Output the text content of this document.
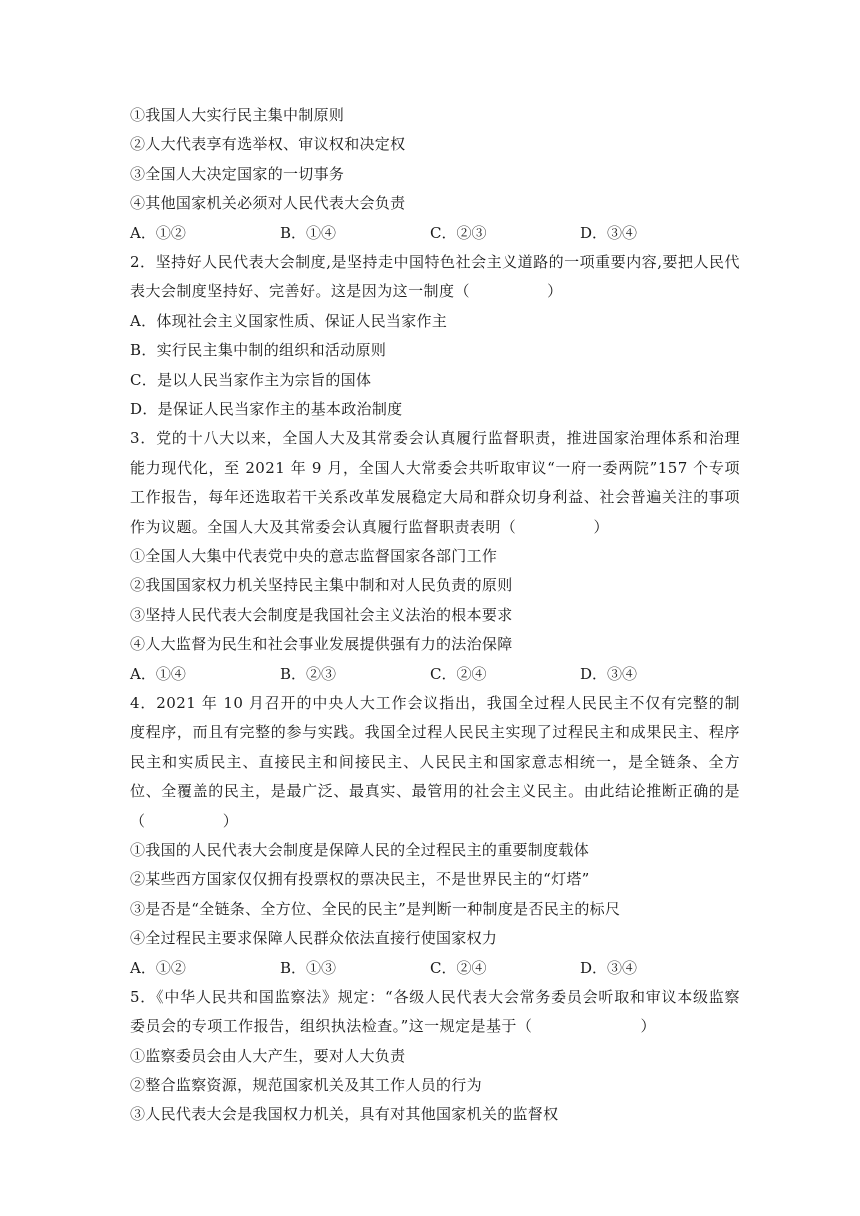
①我国人大实行民主集中制原则
②人大代表享有选举权、审议权和决定权
③全国人大决定国家的一切事务
④其他国家机关必须对人民代表大会负责
A．①②	B．①④	C．②③	D．③④
2．坚持好人民代表大会制度,是坚持走中国特色社会主义道路的一项重要内容,要把人民代表大会制度坚持好、完善好。这是因为这一制度（　　　　　）
A．体现社会主义国家性质、保证人民当家作主
B．实行民主集中制的组织和活动原则
C．是以人民当家作主为宗旨的国体
D．是保证人民当家作主的基本政治制度
3．党的十八大以来，全国人大及其常委会认真履行监督职责，推进国家治理体系和治理能力现代化，至 2021 年 9 月，全国人大常委会共听取审议“一府一委两院”157 个专项工作报告，每年还选取若干关系改革发展稳定大局和群众切身利益、社会普遍关注的事项作为议题。全国人大及其常委会认真履行监督职责表明（　　　　　）
①全国人大集中代表党中央的意志监督国家各部门工作
②我国国家权力机关坚持民主集中制和对人民负责的原则
③坚持人民代表大会制度是我国社会主义法治的根本要求
④人大监督为民生和社会事业发展提供强有力的法治保障
A．①④	B．②③	C．②④	D．③④
4．2021 年 10 月召开的中央人大工作会议指出，我国全过程人民民主不仅有完整的制度程序，而且有完整的参与实践。我国全过程人民民主实现了过程民主和成果民主、程序民主和实质民主、直接民主和间接民主、人民民主和国家意志相统一，是全链条、全方位、全覆盖的民主，是最广泛、最真实、最管用的社会主义民主。由此结论推断正确的是（　　　　　）
①我国的人民代表大会制度是保障人民的全过程民主的重要制度载体
②某些西方国家仅仅拥有投票权的票决民主，不是世界民主的“灯塔”
③是否是“全链条、全方位、全民的民主”是判断一种制度是否民主的标尺
④全过程民主要求保障人民群众依法直接行使国家权力
A．①②	B．①③	C．②④	D．③④
5．《中华人民共和国监察法》规定：“各级人民代表大会常务委员会听取和审议本级监察委员会的专项工作报告，组织执法检查。”这一规定是基于（　　　　　　　）
①监察委员会由人大产生，要对人大负责
②整合监察资源，规范国家机关及其工作人员的行为
③人民代表大会是我国权力机关，具有对其他国家机关的监督权
